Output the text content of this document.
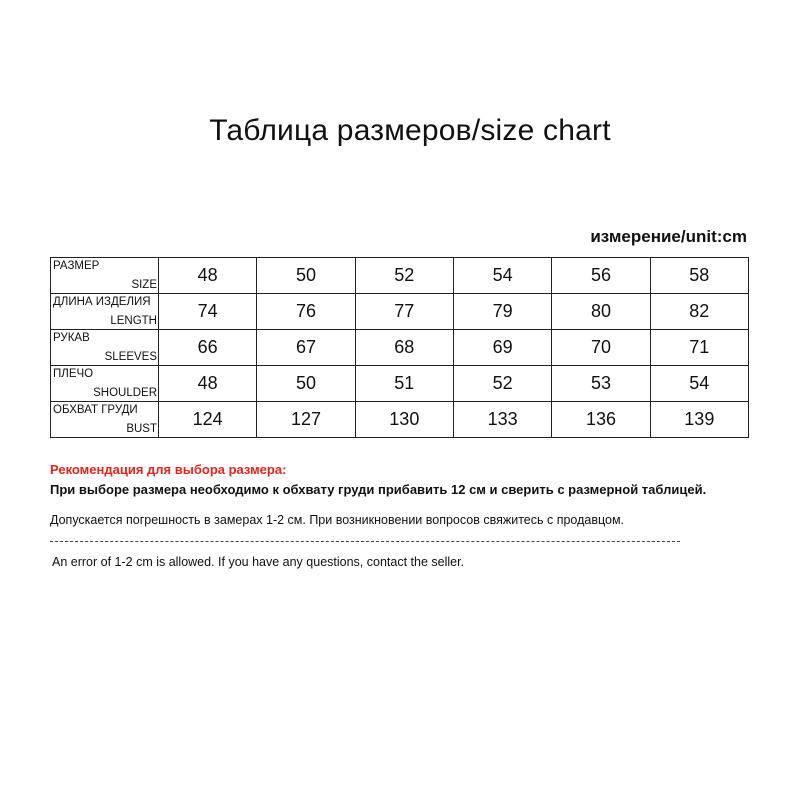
Таблица размеров/size chart
измерение/unit:cm
РАЗМЕР
SIZE	48	50	52	54	56	58

ДЛИНА ИЗДЕЛИЯ
LENGTH	74	76	77	79	80	82

РУКАВ
SLEEVES	66	67	68	69	70	71

ПЛЕЧО
SHOULDER	48	50	51	52	53	54

ОБХВАТ ГРУДИ
BUST	124	127	130	133	136	139
Рекомендация для выбора размера:
При выборе размера необходимо к обхвату груди прибавить 12 см и сверить с размерной таблицей.
Допускается погрешность в замерах 1-2 см. При возникновении вопросов свяжитесь с продавцом.
An error of 1-2 cm is allowed. If you have any questions, contact the seller.
